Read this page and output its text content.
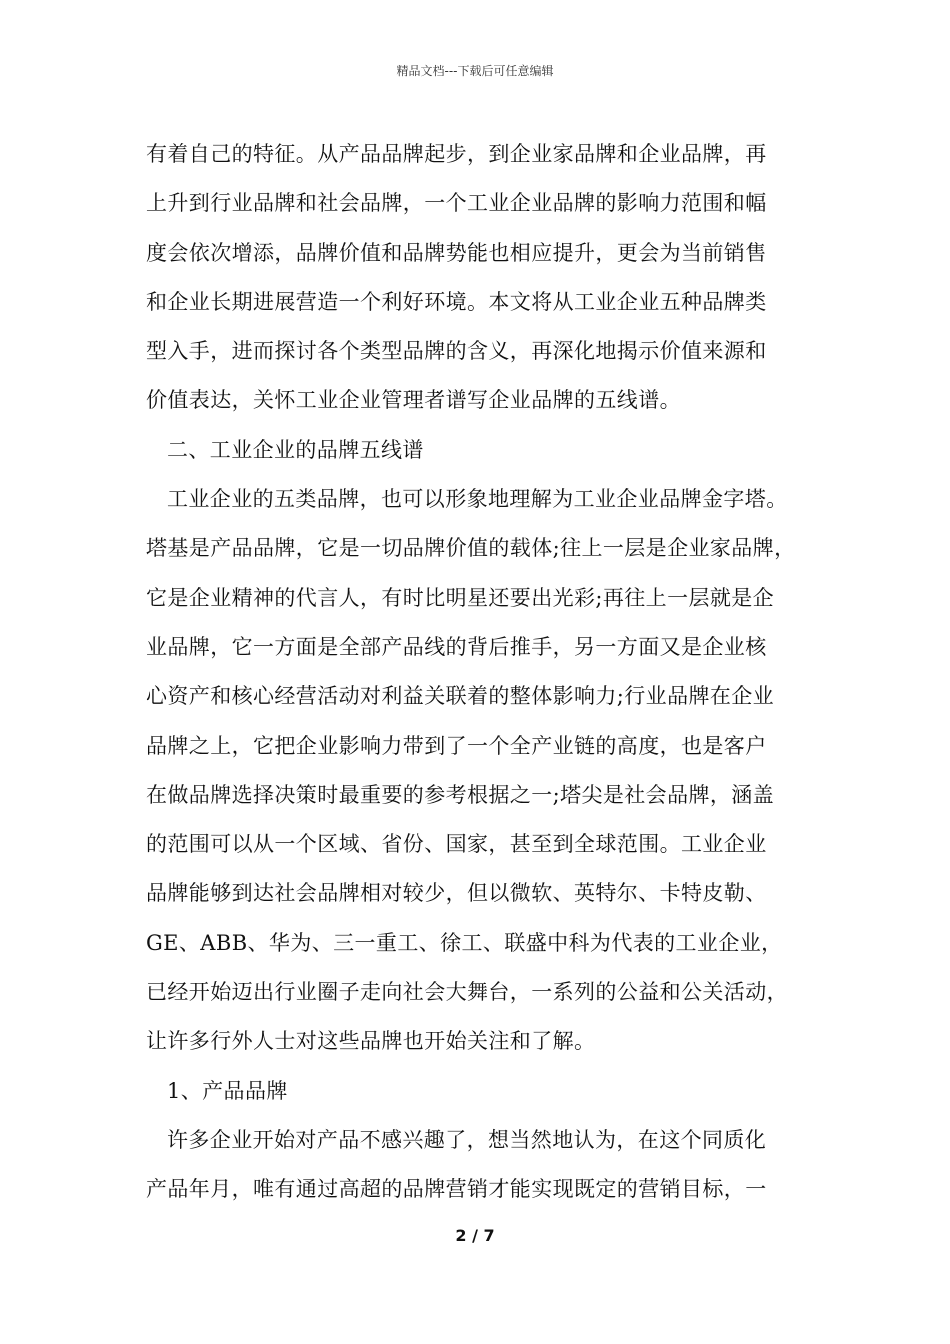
精品文档---下载后可任意编辑
有着自己的特征。从产品品牌起步，到企业家品牌和企业品牌，再
上升到行业品牌和社会品牌，一个工业企业品牌的影响力范围和幅
度会依次增添，品牌价值和品牌势能也相应提升，更会为当前销售
和企业长期进展营造一个利好环境。本文将从工业企业五种品牌类
型入手，进而探讨各个类型品牌的含义，再深化地揭示价值来源和
价值表达，关怀工业企业管理者谱写企业品牌的五线谱。
二、工业企业的品牌五线谱
工业企业的五类品牌，也可以形象地理解为工业企业品牌金字塔。
塔基是产品品牌，它是一切品牌价值的载体;往上一层是企业家品牌，
它是企业精神的代言人，有时比明星还要出光彩;再往上一层就是企
业品牌，它一方面是全部产品线的背后推手，另一方面又是企业核
心资产和核心经营活动对利益关联着的整体影响力;行业品牌在企业
品牌之上，它把企业影响力带到了一个全产业链的高度，也是客户
在做品牌选择决策时最重要的参考根据之一;塔尖是社会品牌，涵盖
的范围可以从一个区域、省份、国家，甚至到全球范围。工业企业
品牌能够到达社会品牌相对较少，但以微软、英特尔、卡特皮勒、
GE、ABB、华为、三一重工、徐工、联盛中科为代表的工业企业，
已经开始迈出行业圈子走向社会大舞台，一系列的公益和公关活动，
让许多行外人士对这些品牌也开始关注和了解。
1、产品品牌
许多企业开始对产品不感兴趣了，想当然地认为，在这个同质化
产品年月，唯有通过高超的品牌营销才能实现既定的营销目标，一
2 / 7
